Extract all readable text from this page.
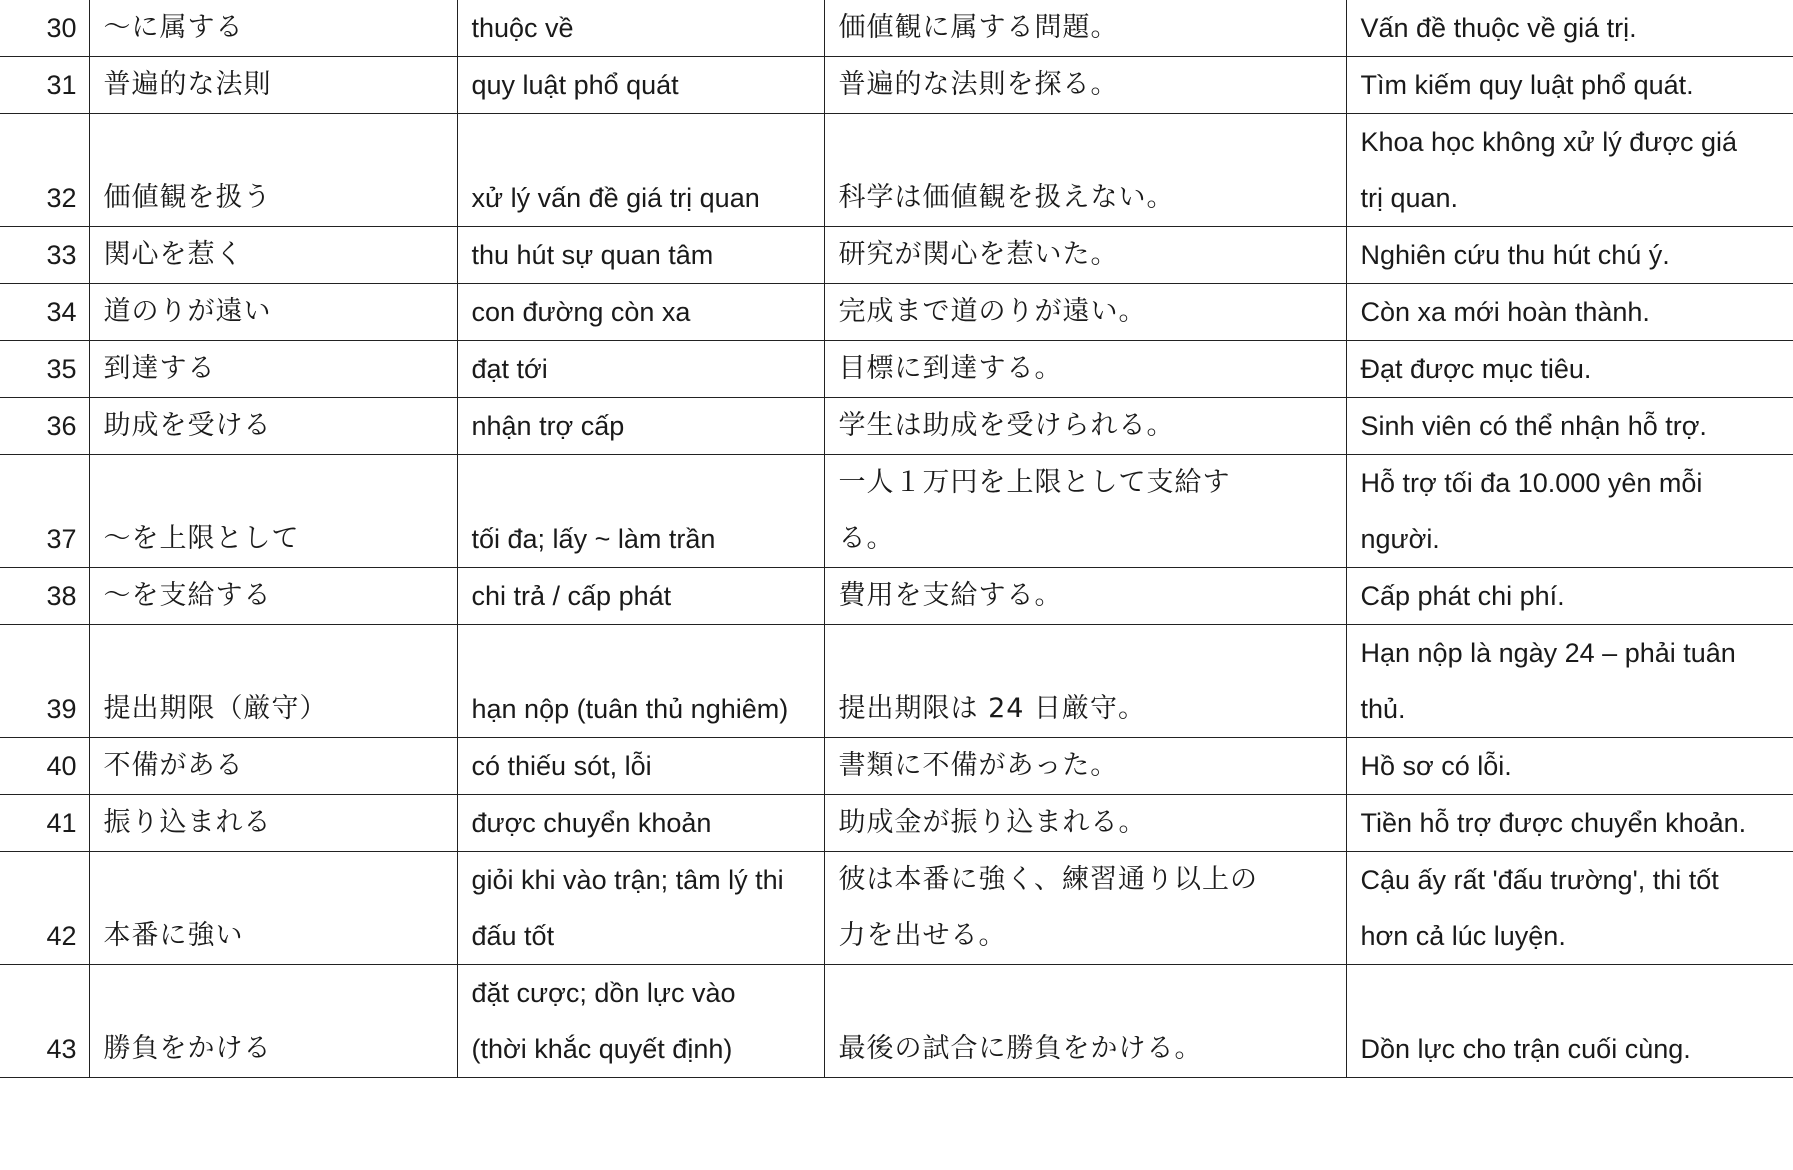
30	〜に属する	thuộc về	価値観に属する問題。	Vấn đề thuộc về giá trị.
31	普遍的な法則	quy luật phổ quát	普遍的な法則を探る。	Tìm kiếm quy luật phổ quát.
32	価値観を扱う	xử lý vấn đề giá trị quan	科学は価値観を扱えない。	Khoa học không xử lý được giá
trị quan.
33	関心を惹く	thu hút sự quan tâm	研究が関心を惹いた。	Nghiên cứu thu hút chú ý.
34	道のりが遠い	con đường còn xa	完成まで道のりが遠い。	Còn xa mới hoàn thành.
35	到達する	đạt tới	目標に到達する。	Đạt được mục tiêu.
36	助成を受ける	nhận trợ cấp	学生は助成を受けられる。	Sinh viên có thể nhận hỗ trợ.
37	〜を上限として	tối đa; lấy ~ làm trần	一人１万円を上限として支給す
る。	Hỗ trợ tối đa 10.000 yên mỗi
người.
38	〜を支給する	chi trả / cấp phát	費用を支給する。	Cấp phát chi phí.
39	提出期限（厳守）	hạn nộp (tuân thủ nghiêm)	提出期限は 24 日厳守。	Hạn nộp là ngày 24 – phải tuân
thủ.
40	不備がある	có thiếu sót, lỗi	書類に不備があった。	Hồ sơ có lỗi.
41	振り込まれる	được chuyển khoản	助成金が振り込まれる。	Tiền hỗ trợ được chuyển khoản.
42	本番に強い	giỏi khi vào trận; tâm lý thi
đấu tốt	彼は本番に強く、練習通り以上の
力を出せる。	Cậu ấy rất 'đấu trường', thi tốt
hơn cả lúc luyện.
43	勝負をかける	đặt cược; dồn lực vào
(thời khắc quyết định)	最後の試合に勝負をかける。	Dồn lực cho trận cuối cùng.
